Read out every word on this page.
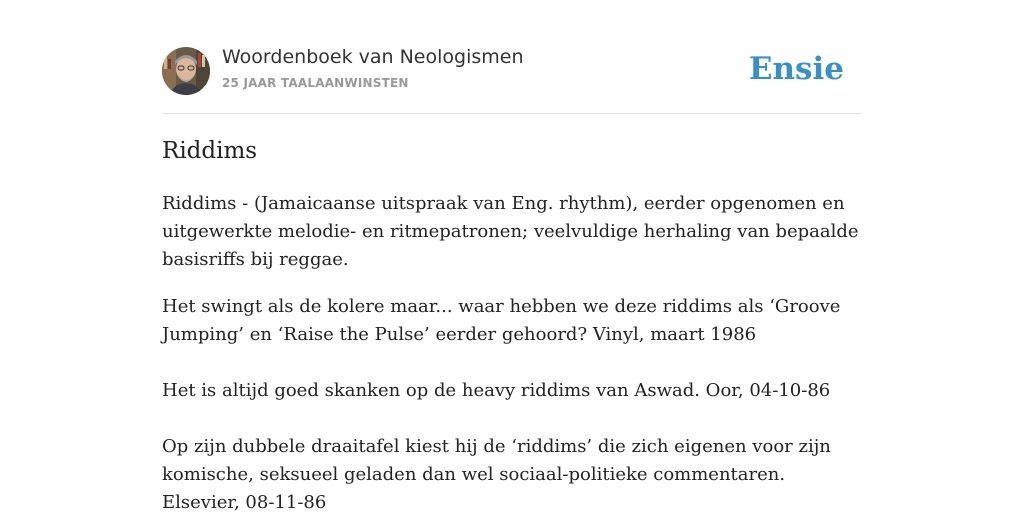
Woordenboek van Neologismen
25 JAAR TAALAANWINSTEN	Ensie
Riddims

Riddims - (Jamaicaanse uitspraak van Eng. rhythm), eerder opgenomen en uitgewerkte melodie- en ritmepatronen; veelvuldige herhaling van bepaalde basisriffs bij reggae.

Het swingt als de kolere maar... waar hebben we deze riddims als ‘Groove Jumping’ en ‘Raise the Pulse’ eerder gehoord? Vinyl, maart 1986

Het is altijd goed skanken op de heavy riddims van Aswad. Oor, 04-10-86

Op zijn dubbele draaitafel kiest hij de ‘riddims’ die zich eigenen voor zijn komische, seksueel geladen dan wel sociaal-politieke commentaren. Elsevier, 08-11-86
